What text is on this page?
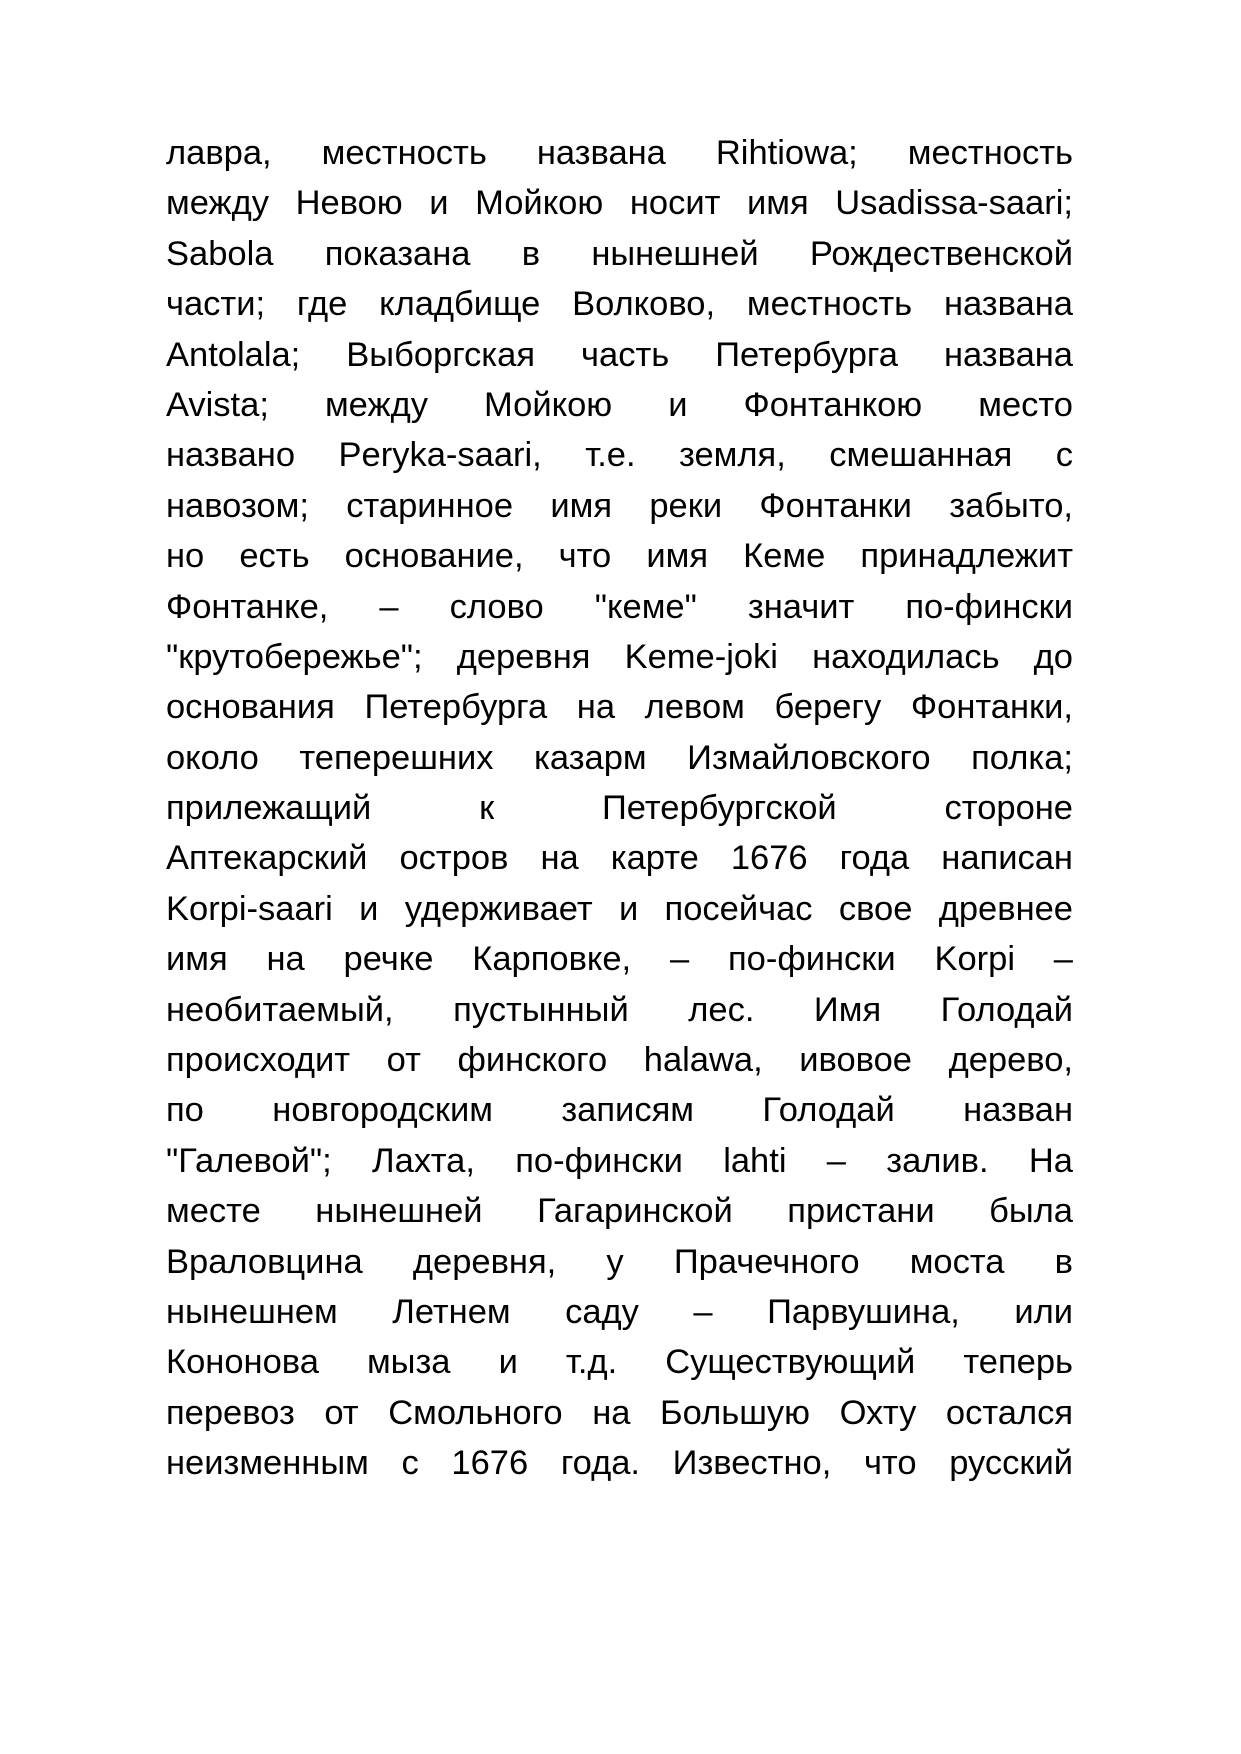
лавра, местность названа Rihtiowa; местность
между Невою и Мойкою носит имя Usadissa-saari;
Sabola показана в нынешней Рождественской
части; где кладбище Волково, местность названа
Antolala; Выборгская часть Петербурга названа
Avista; между Мойкою и Фонтанкою место
названо Peryka-saari, т.е. земля, смешанная с
навозом; старинное имя реки Фонтанки забыто,
но есть основание, что имя Кеме принадлежит
Фонтанке, – слово "кеме" значит по-фински
"крутобережье"; деревня Keme-joki находилась до
основания Петербурга на левом берегу Фонтанки,
около теперешних казарм Измайловского полка;
прилежащий к Петербургской стороне
Аптекарский остров на карте 1676 года написан
Korpi-saari и удерживает и посейчас свое древнее
имя на речке Карповке, – по-фински Korpi –
необитаемый, пустынный лес. Имя Голодай
происходит от финского halawa, ивовое дерево,
по новгородским записям Голодай назван
"Галевой"; Лахта, по-фински lahti – залив. На
месте нынешней Гагаринской пристани была
Враловцина деревня, у Прачечного моста в
нынешнем Летнем саду – Парвушина, или
Кононова мыза и т.д. Существующий теперь
перевоз от Смольного на Большую Охту остался
неизменным с 1676 года. Известно, что русский
